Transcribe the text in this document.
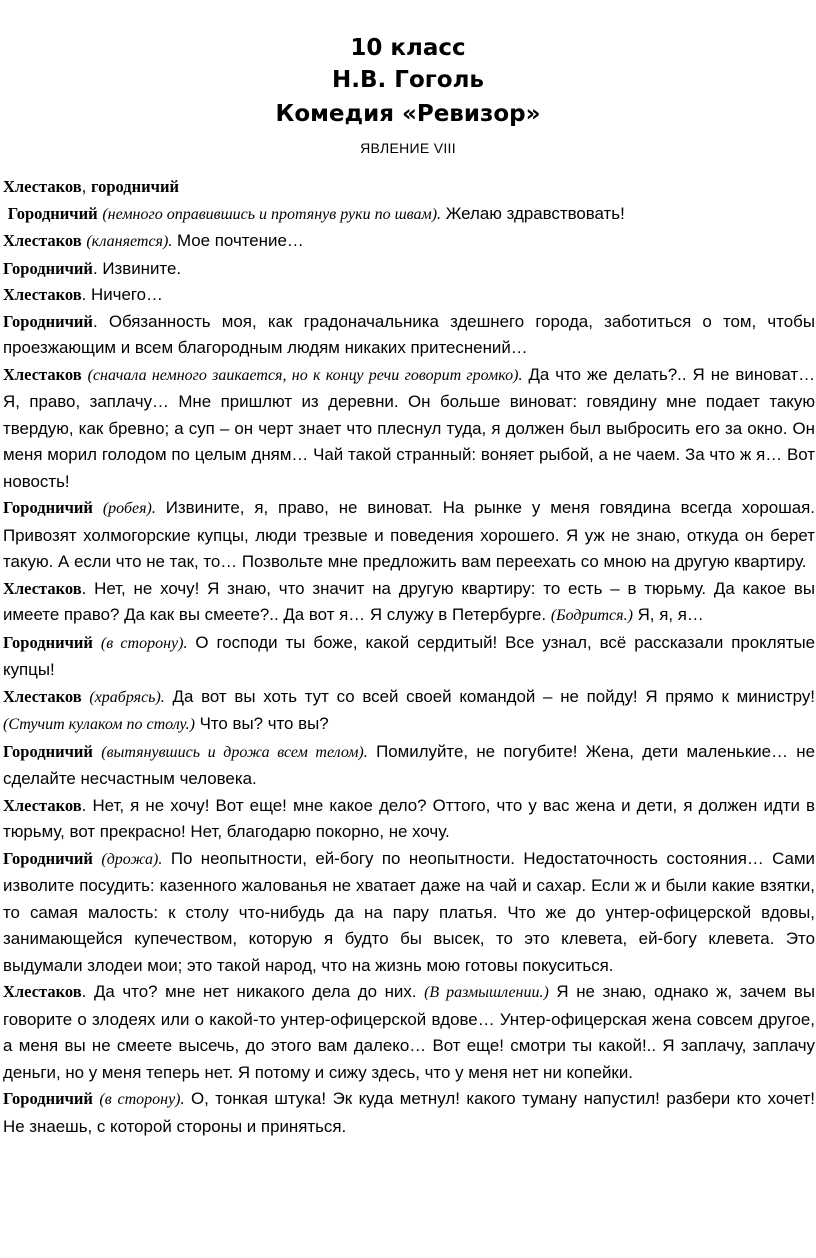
10 класс
Н.В. Гоголь
Комедия «Ревизор»
ЯВЛЕНИЕ VIII

Хлестаков, городничий

Городничий (немного оправившись и протянув руки по швам). Желаю здравствовать!

Хлестаков (кланяется). Мое почтение…

Городничий. Извините.

Хлестаков. Ничего…

Городничий. Обязанность моя, как градоначальника здешнего города, заботиться о том, чтобы проезжающим и всем благородным людям никаких притеснений…

Хлестаков (сначала немного заикается, но к концу речи говорит громко). Да что же делать?.. Я не виноват… Я, право, заплачу… Мне пришлют из деревни. Он больше виноват: говядину мне подает такую твердую, как бревно; а суп – он черт знает что плеснул туда, я должен был выбросить его за окно. Он меня морил голодом по целым дням… Чай такой странный: воняет рыбой, а не чаем. За что ж я… Вот новость!

Городничий (робея). Извините, я, право, не виноват. На рынке у меня говядина всегда хорошая. Привозят холмогорские купцы, люди трезвые и поведения хорошего. Я уж не знаю, откуда он берет такую. А если что не так, то… Позвольте мне предложить вам переехать со мною на другую квартиру.

Хлестаков. Нет, не хочу! Я знаю, что значит на другую квартиру: то есть – в тюрьму. Да какое вы имеете право? Да как вы смеете?.. Да вот я… Я служу в Петербурге. (Бодрится.) Я, я, я…

Городничий (в сторону). О господи ты боже, какой сердитый! Все узнал, всё рассказали проклятые купцы!

Хлестаков (храбрясь). Да вот вы хоть тут со всей своей командой – не пойду! Я прямо к министру! (Стучит кулаком по столу.) Что вы? что вы?

Городничий (вытянувшись и дрожа всем телом). Помилуйте, не погубите! Жена, дети маленькие… не сделайте несчастным человека.

Хлестаков. Нет, я не хочу! Вот еще! мне какое дело? Оттого, что у вас жена и дети, я должен идти в тюрьму, вот прекрасно! Нет, благодарю покорно, не хочу.

Городничий (дрожа). По неопытности, ей-богу по неопытности. Недостаточность состояния… Сами изволите посудить: казенного жалованья не хватает даже на чай и сахар. Если ж и были какие взятки, то самая малость: к столу что-нибудь да на пару платья. Что же до унтер-офицерской вдовы, занимающейся купечеством, которую я будто бы высек, то это клевета, ей-богу клевета. Это выдумали злодеи мои; это такой народ, что на жизнь мою готовы покуситься.

Хлестаков. Да что? мне нет никакого дела до них. (В размышлении.) Я не знаю, однако ж, зачем вы говорите о злодеях или о какой-то унтер-офицерской вдове… Унтер-офицерская жена совсем другое, а меня вы не смеете высечь, до этого вам далеко… Вот еще! смотри ты какой!.. Я заплачу, заплачу деньги, но у меня теперь нет. Я потому и сижу здесь, что у меня нет ни копейки.

Городничий (в сторону). О, тонкая штука! Эк куда метнул! какого туману напустил! разбери кто хочет! Не знаешь, с которой стороны и приняться.
